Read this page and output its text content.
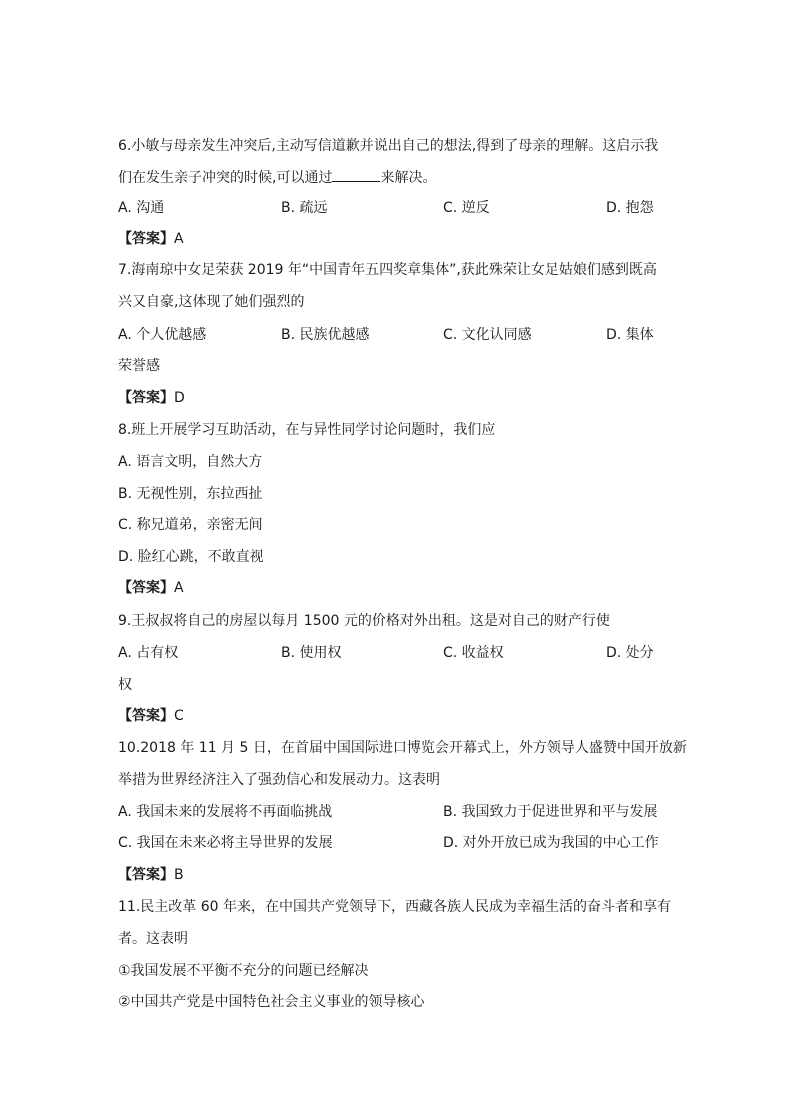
6.小敏与母亲发生冲突后,主动写信道歉并说出自己的想法,得到了母亲的理解。这启示我
们在发生亲子冲突的时候,可以通过	来解决。
A. 沟通	B. 疏远	C. 逆反	D. 抱怨
【答案】A
7.海南琼中女足荣获 2019 年“中国青年五四奖章集体”,获此殊荣让女足姑娘们感到既高
兴又自豪,这体现了她们强烈的
A. 个人优越感	B. 民族优越感	C. 文化认同感	D. 集体
荣誉感
【答案】D
8.班上开展学习互助活动，在与异性同学讨论问题时，我们应
A. 语言文明，自然大方
B. 无视性别，东拉西扯
C. 称兄道弟，亲密无间
D. 脸红心跳，不敢直视
【答案】A
9.王叔叔将自己的房屋以每月 1500 元的价格对外出租。这是对自己的财产行使
A. 占有权	B. 使用权	C. 收益权	D. 处分
权
【答案】C
10.2018 年 11 月 5 日，在首届中国国际进口博览会开幕式上，外方领导人盛赞中国开放新
举措为世界经济注入了强劲信心和发展动力。这表明
A. 我国未来的发展将不再面临挑战	B. 我国致力于促进世界和平与发展
C. 我国在未来必将主导世界的发展	D. 对外开放已成为我国的中心工作
【答案】B
11.民主改革 60 年来，在中国共产党领导下，西藏各族人民成为幸福生活的奋斗者和享有
者。这表明
①我国发展不平衡不充分的问题已经解决
②中国共产党是中国特色社会主义事业的领导核心
